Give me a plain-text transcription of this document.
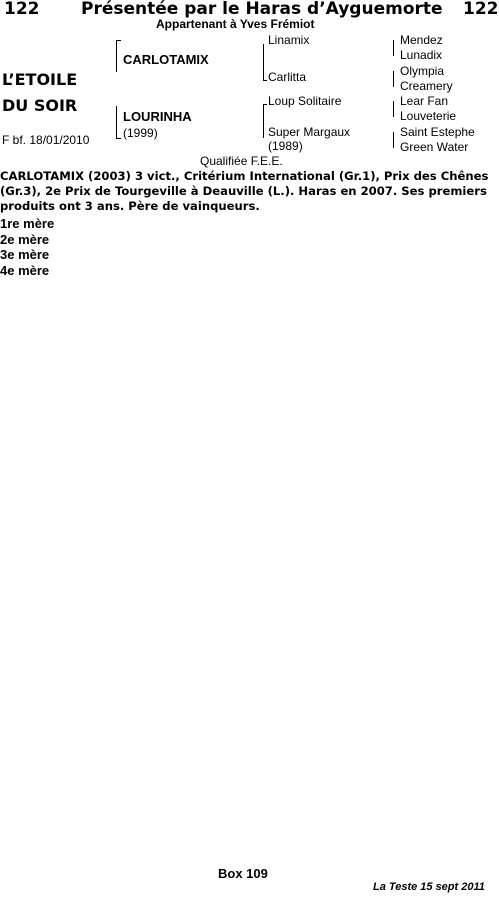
122 Présentée par le Haras d’Ayguemorte 122
Appartenant à Yves Frémiot
L’ETOILE
DU SOIR
F bf. 18/01/2010
CARLOTAMIX
LOURINHA
(1999)
Linamix
Carlitta
Loup Solitaire
Super Margaux
(1989)
Mendez
Lunadix
Olympia
Creamery
Lear Fan
Louveterie
Saint Estephe
Green Water
Qualifiée F.E.E.

CARLOTAMIX (2003) 3 vict., Critérium International (Gr.1), Prix des Chênes (Gr.3), 2e Prix de Tourgeville à Deauville (L.). Haras en 2007. Ses premiers produits ont 3 ans. Père de vainqueurs.

1re mère

2e mère

3e mère

4e mère

Box 109
La Teste 15 sept 2011
